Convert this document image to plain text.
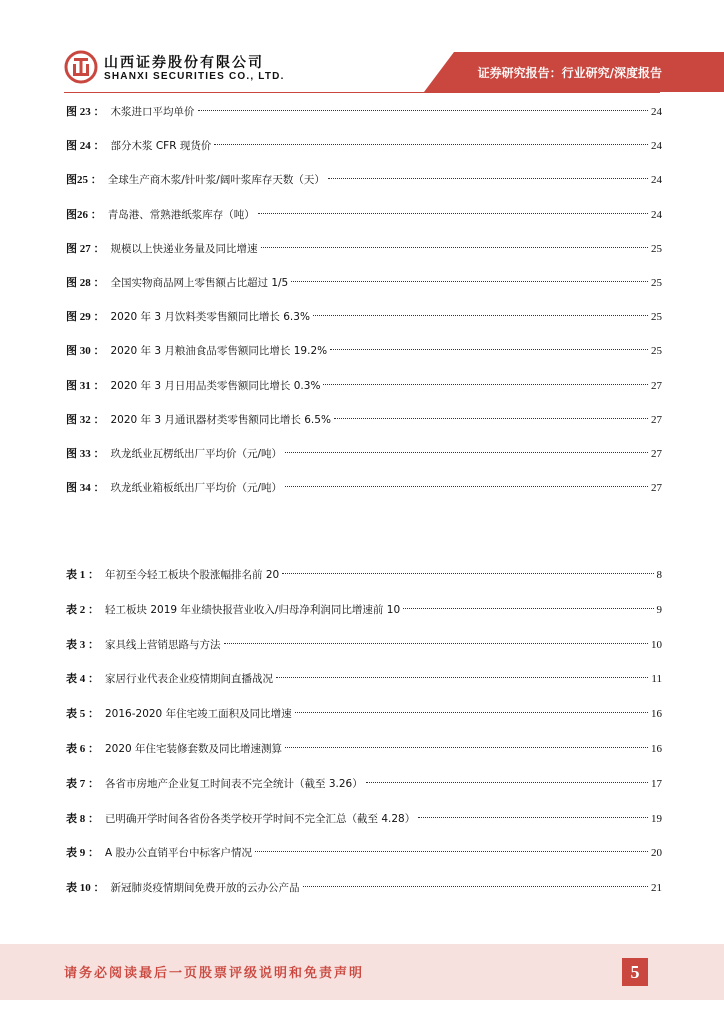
山西证券股份有限公司
SHANXI SECURITIES CO., LTD.	证券研究报告：行业研究/深度报告
图 23 ： 木浆进口平均单价	24
图 24 ： 部分木浆 CFR 现货价	24
图25 ： 全球生产商木浆/针叶浆/阔叶浆库存天数（天）	24
图26 ： 青岛港、常熟港纸浆库存（吨）	24
图 27 ： 规模以上快递业务量及同比增速	25
图 28 ： 全国实物商品网上零售额占比超过 1/5	25
图 29 ： 2020 年 3 月饮料类零售额同比增长 6.3%	25
图 30 ： 2020 年 3 月粮油食品零售额同比增长 19.2%	25
图 31 ： 2020 年 3 月日用品类零售额同比增长 0.3%	27
图 32 ： 2020 年 3 月通讯器材类零售额同比增长 6.5%	27
图 33 ： 玖龙纸业瓦楞纸出厂平均价（元/吨）	27
图 34 ： 玖龙纸业箱板纸出厂平均价（元/吨）	27
表 1 ： 年初至今轻工板块个股涨幅排名前 20	8
表 2 ： 轻工板块 2019 年业绩快报营业收入/归母净利润同比增速前 10	9
表 3 ： 家具线上营销思路与方法	10
表 4 ： 家居行业代表企业疫情期间直播战况	11
表 5 ： 2016-2020 年住宅竣工面积及同比增速	16
表 6 ： 2020 年住宅装修套数及同比增速测算	16
表 7 ： 各省市房地产企业复工时间表不完全统计（截至 3.26）	17
表 8 ： 已明确开学时间各省份各类学校开学时间不完全汇总（截至 4.28）	19
表 9 ： A 股办公直销平台中标客户情况	20
表 10 ： 新冠肺炎疫情期间免费开放的云办公产品	21
请务必阅读最后一页股票评级说明和免责声明	5
